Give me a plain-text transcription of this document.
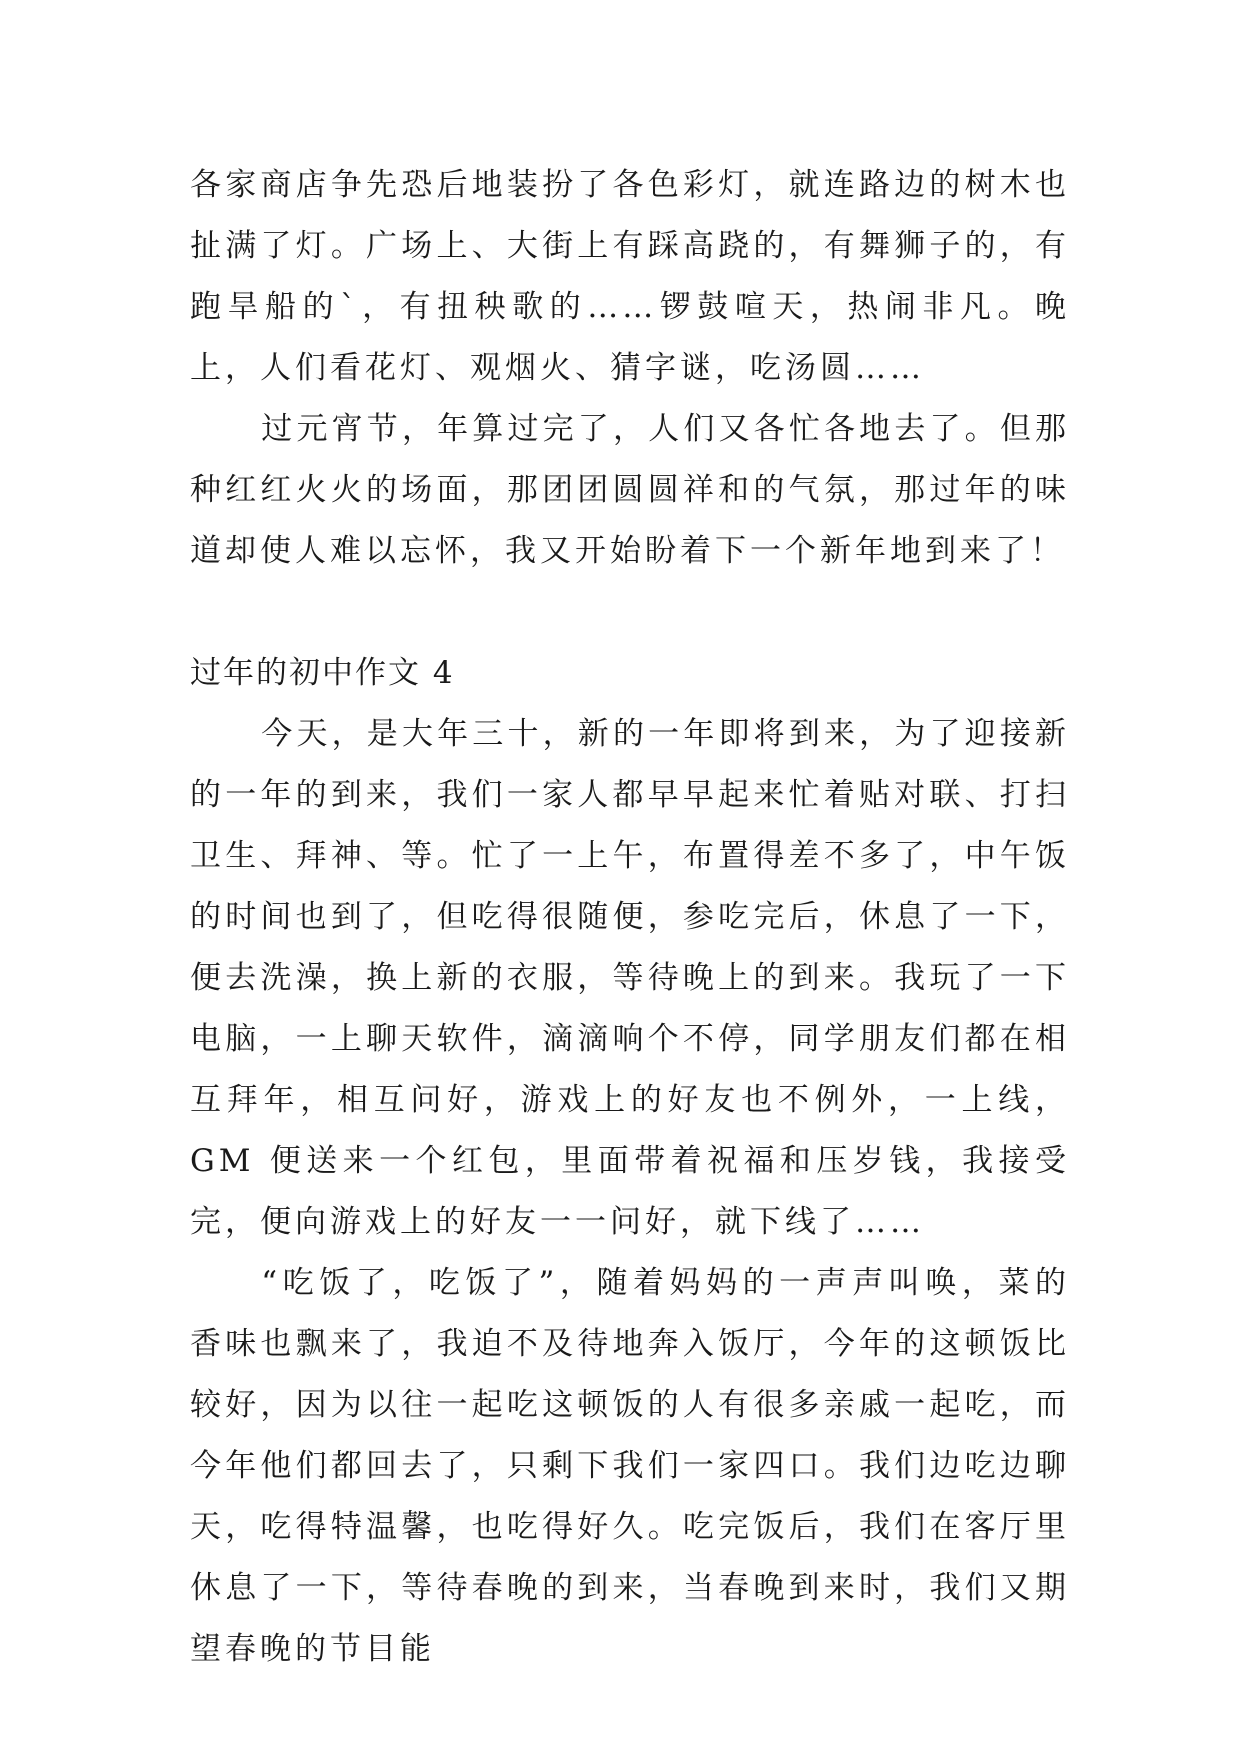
各家商店争先恐后地装扮了各色彩灯，就连路边的树木也扯满了灯。广场上、大街上有踩高跷的，有舞狮子的，有跑旱船的`，有扭秧歌的……锣鼓喧天，热闹非凡。晚上，人们看花灯、观烟火、猜字谜，吃汤圆……

过元宵节，年算过完了，人们又各忙各地去了。但那种红红火火的场面，那团团圆圆祥和的气氛，那过年的味道却使人难以忘怀，我又开始盼着下一个新年地到来了！

过年的初中作文 4

今天，是大年三十，新的一年即将到来，为了迎接新的一年的到来，我们一家人都早早起来忙着贴对联、打扫卫生、拜神、等。忙了一上午，布置得差不多了，中午饭的时间也到了，但吃得很随便，参吃完后，休息了一下，便去洗澡，换上新的衣服，等待晚上的到来。我玩了一下电脑，一上聊天软件，滴滴响个不停，同学朋友们都在相互拜年，相互问好，游戏上的好友也不例外，一上线，GM 便送来一个红包，里面带着祝福和压岁钱，我接受完，便向游戏上的好友一一问好，就下线了……

“吃饭了，吃饭了”，随着妈妈的一声声叫唤，菜的香味也飘来了，我迫不及待地奔入饭厅，今年的这顿饭比较好，因为以往一起吃这顿饭的人有很多亲戚一起吃，而今年他们都回去了，只剩下我们一家四口。我们边吃边聊天，吃得特温馨，也吃得好久。吃完饭后，我们在客厅里休息了一下，等待春晚的到来，当春晚到来时，我们又期望春晚的节目能
